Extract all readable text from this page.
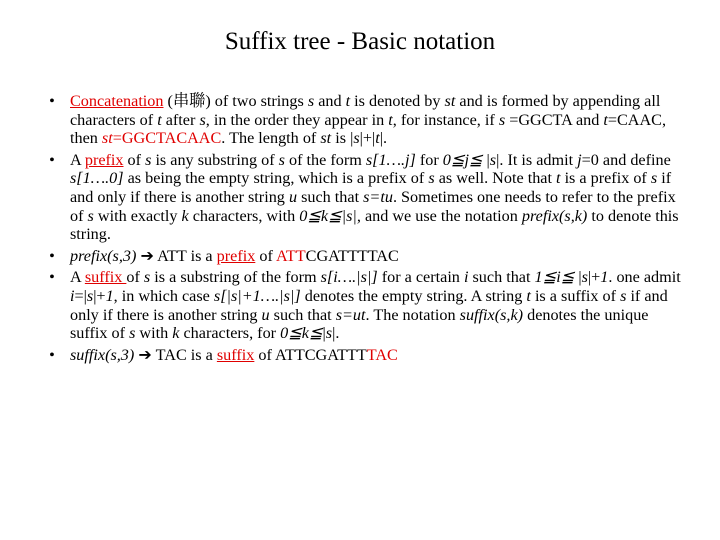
Suffix tree - Basic notation
• Concatenation (串聯) of two strings s and t is denoted by st and is formed by appending all characters of t after s, in the order they appear in t, for instance, if s =GGCTA and t=CAAC, then st=GGCTACAAC. The length of st is |s|+|t|.
• A prefix of s is any substring of s of the form s[1….j] for 0≦j≦ |s|. It is admit j=0 and define s[1….0] as being the empty string, which is a prefix of s as well. Note that t is a prefix of s if and only if there is another string u such that s=tu. Sometimes one needs to refer to the prefix of s with exactly k characters, with 0≦k≦|s|, and we use the notation prefix(s,k) to denote this string.
• prefix(s,3) ➔ ATT is a prefix of ATTCGATTTTAC
• A suffix of s is a substring of the form s[i….|s|] for a certain i such that 1≦i≦ |s|+1. one admit i=|s|+1, in which case s[|s|+1….|s|] denotes the empty string. A string t is a suffix of s if and only if there is another string u such that s=ut. The notation suffix(s,k) denotes the unique suffix of s with k characters, for 0≦k≦|s|.
• suffix(s,3) ➔ TAC is a suffix of ATTCGATTTTAC
